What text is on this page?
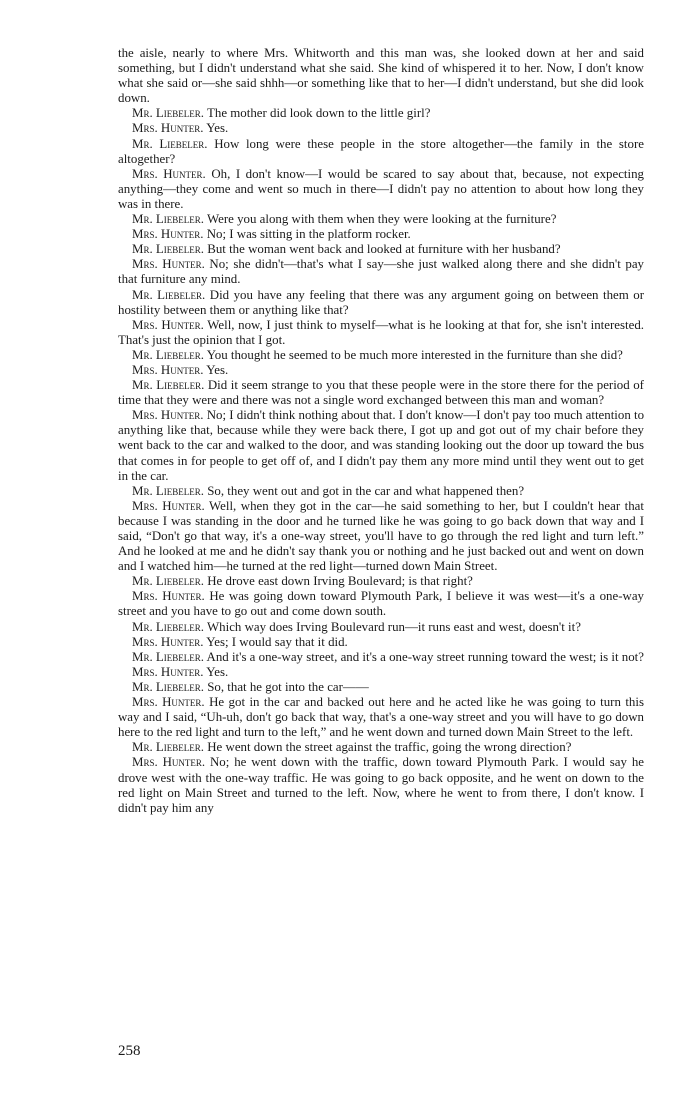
the aisle, nearly to where Mrs. Whitworth and this man was, she looked down at her and said something, but I didn't understand what she said. She kind of whispered it to her. Now, I don't know what she said or—she said shhh—or something like that to her—I didn't understand, but she did look down.

Mr. Liebeler. The mother did look down to the little girl?

Mrs. Hunter. Yes.

Mr. Liebeler. How long were these people in the store altogether—the family in the store altogether?

Mrs. Hunter. Oh, I don't know—I would be scared to say about that, because, not expecting anything—they come and went so much in there—I didn't pay no attention to about how long they was in there.

Mr. Liebeler. Were you along with them when they were looking at the furniture?

Mrs. Hunter. No; I was sitting in the platform rocker.

Mr. Liebeler. But the woman went back and looked at furniture with her husband?

Mrs. Hunter. No; she didn't—that's what I say—she just walked along there and she didn't pay that furniture any mind.

Mr. Liebeler. Did you have any feeling that there was any argument going on between them or hostility between them or anything like that?

Mrs. Hunter. Well, now, I just think to myself—what is he looking at that for, she isn't interested. That's just the opinion that I got.

Mr. Liebeler. You thought he seemed to be much more interested in the furniture than she did?

Mrs. Hunter. Yes.

Mr. Liebeler. Did it seem strange to you that these people were in the store there for the period of time that they were and there was not a single word exchanged between this man and woman?

Mrs. Hunter. No; I didn't think nothing about that. I don't know—I don't pay too much attention to anything like that, because while they were back there, I got up and got out of my chair before they went back to the car and walked to the door, and was standing looking out the door up toward the bus that comes in for people to get off of, and I didn't pay them any more mind until they went out to get in the car.

Mr. Liebeler. So, they went out and got in the car and what happened then?

Mrs. Hunter. Well, when they got in the car—he said something to her, but I couldn't hear that because I was standing in the door and he turned like he was going to go back down that way and I said, “Don't go that way, it's a one-way street, you'll have to go through the red light and turn left.” And he looked at me and he didn't say thank you or nothing and he just backed out and went on down and I watched him—he turned at the red light—turned down Main Street.

Mr. Liebeler. He drove east down Irving Boulevard; is that right?

Mrs. Hunter. He was going down toward Plymouth Park, I believe it was west—it's a one-way street and you have to go out and come down south.

Mr. Liebeler. Which way does Irving Boulevard run—it runs east and west, doesn't it?

Mrs. Hunter. Yes; I would say that it did.

Mr. Liebeler. And it's a one-way street, and it's a one-way street running toward the west; is it not?

Mrs. Hunter. Yes.

Mr. Liebeler. So, that he got into the car——

Mrs. Hunter. He got in the car and backed out here and he acted like he was going to turn this way and I said, “Uh-uh, don't go back that way, that's a one-way street and you will have to go down here to the red light and turn to the left,” and he went down and turned down Main Street to the left.

Mr. Liebeler. He went down the street against the traffic, going the wrong direction?

Mrs. Hunter. No; he went down with the traffic, down toward Plymouth Park. I would say he drove west with the one-way traffic. He was going to go back opposite, and he went on down to the red light on Main Street and turned to the left. Now, where he went to from there, I don't know. I didn't pay him any

258
